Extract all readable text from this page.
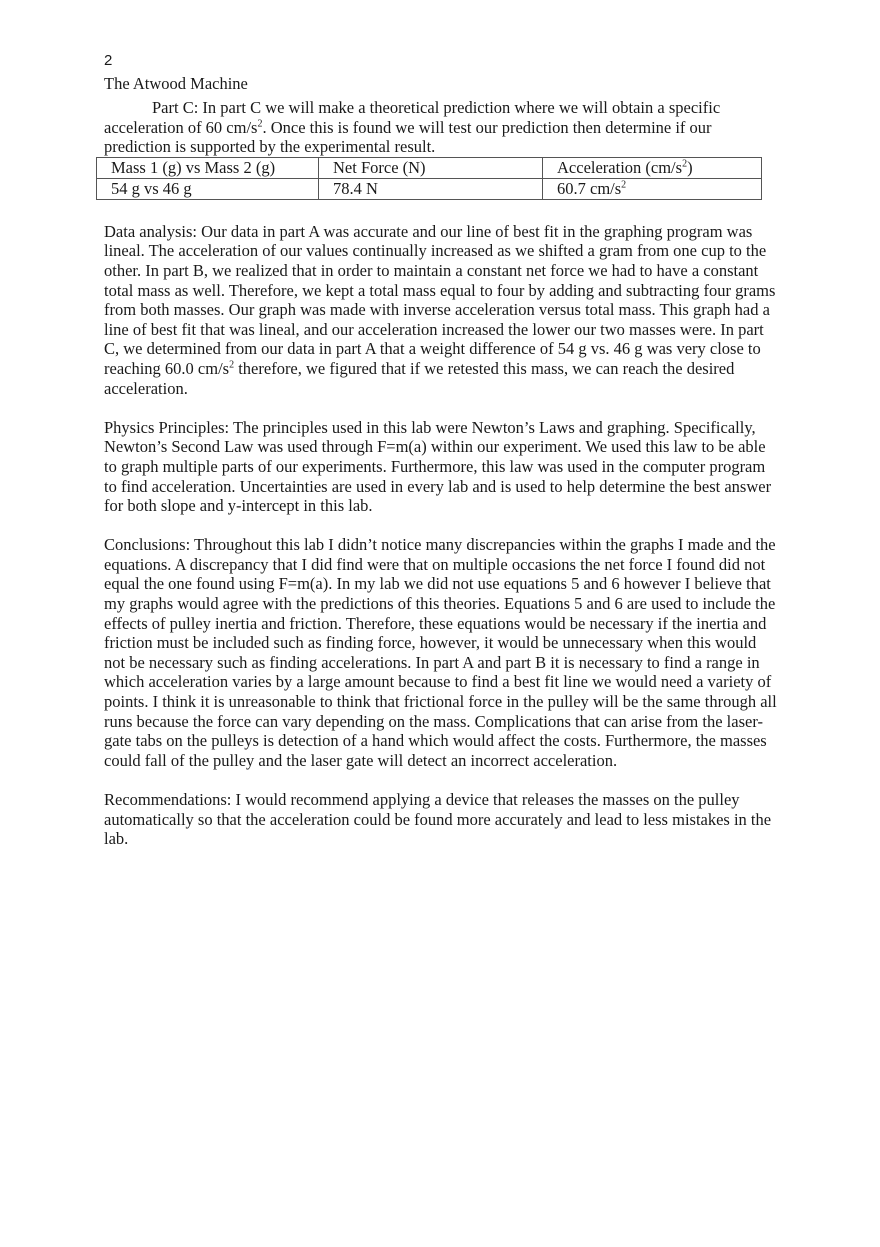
2
The Atwood Machine

Part C: In part C we will make a theoretical prediction where we will obtain a specific acceleration of 60 $cm/s^2$. Once this is found we will test our prediction then determine if our prediction is supported by the experimental result.

Mass 1 (g) vs Mass 2 (g)	Net Force (N)	Acceleration $(cm/s^2)$
54 g vs 46 g	78.4 N	60.7 $cm/s^2$

Data analysis: Our data in part A was accurate and our line of best fit in the graphing program was lineal. The acceleration of our values continually increased as we shifted a gram from one cup to the other. In part B, we realized that in order to maintain a constant net force we had to have a constant total mass as well. Therefore, we kept a total mass equal to four by adding and subtracting four grams from both masses. Our graph was made with inverse acceleration versus total mass. This graph had a line of best fit that was lineal, and our acceleration increased the lower our two masses were. In part C, we determined from our data in part A that a weight difference of 54 g vs. 46 g was very close to reaching 60.0 $cm/s^2$ therefore, we figured that if we retested this mass, we can reach the desired acceleration.

Physics Principles: The principles used in this lab were Newton’s Laws and graphing. Specifically, Newton’s Second Law was used through F=m(a) within our experiment. We used this law to be able to graph multiple parts of our experiments. Furthermore, this law was used in the computer program to find acceleration. Uncertainties are used in every lab and is used to help determine the best answer for both slope and y-intercept in this lab.

Conclusions: Throughout this lab I didn’t notice many discrepancies within the graphs I made and the equations. A discrepancy that I did find were that on multiple occasions the net force I found did not equal the one found using F=m(a). In my lab we did not use equations 5 and 6 however I believe that my graphs would agree with the predictions of this theories. Equations 5 and 6 are used to include the effects of pulley inertia and friction. Therefore, these equations would be necessary if the inertia and friction must be included such as finding force, however, it would be unnecessary when this would not be necessary such as finding accelerations. In part A and part B it is necessary to find a range in which acceleration varies by a large amount because to find a best fit line we would need a variety of points. I think it is unreasonable to think that frictional force in the pulley will be the same through all runs because the force can vary depending on the mass. Complications that can arise from the laser-gate tabs on the pulleys is detection of a hand which would affect the costs. Furthermore, the masses could fall of the pulley and the laser gate will detect an incorrect acceleration.

Recommendations: I would recommend applying a device that releases the masses on the pulley automatically so that the acceleration could be found more accurately and lead to less mistakes in the lab.
